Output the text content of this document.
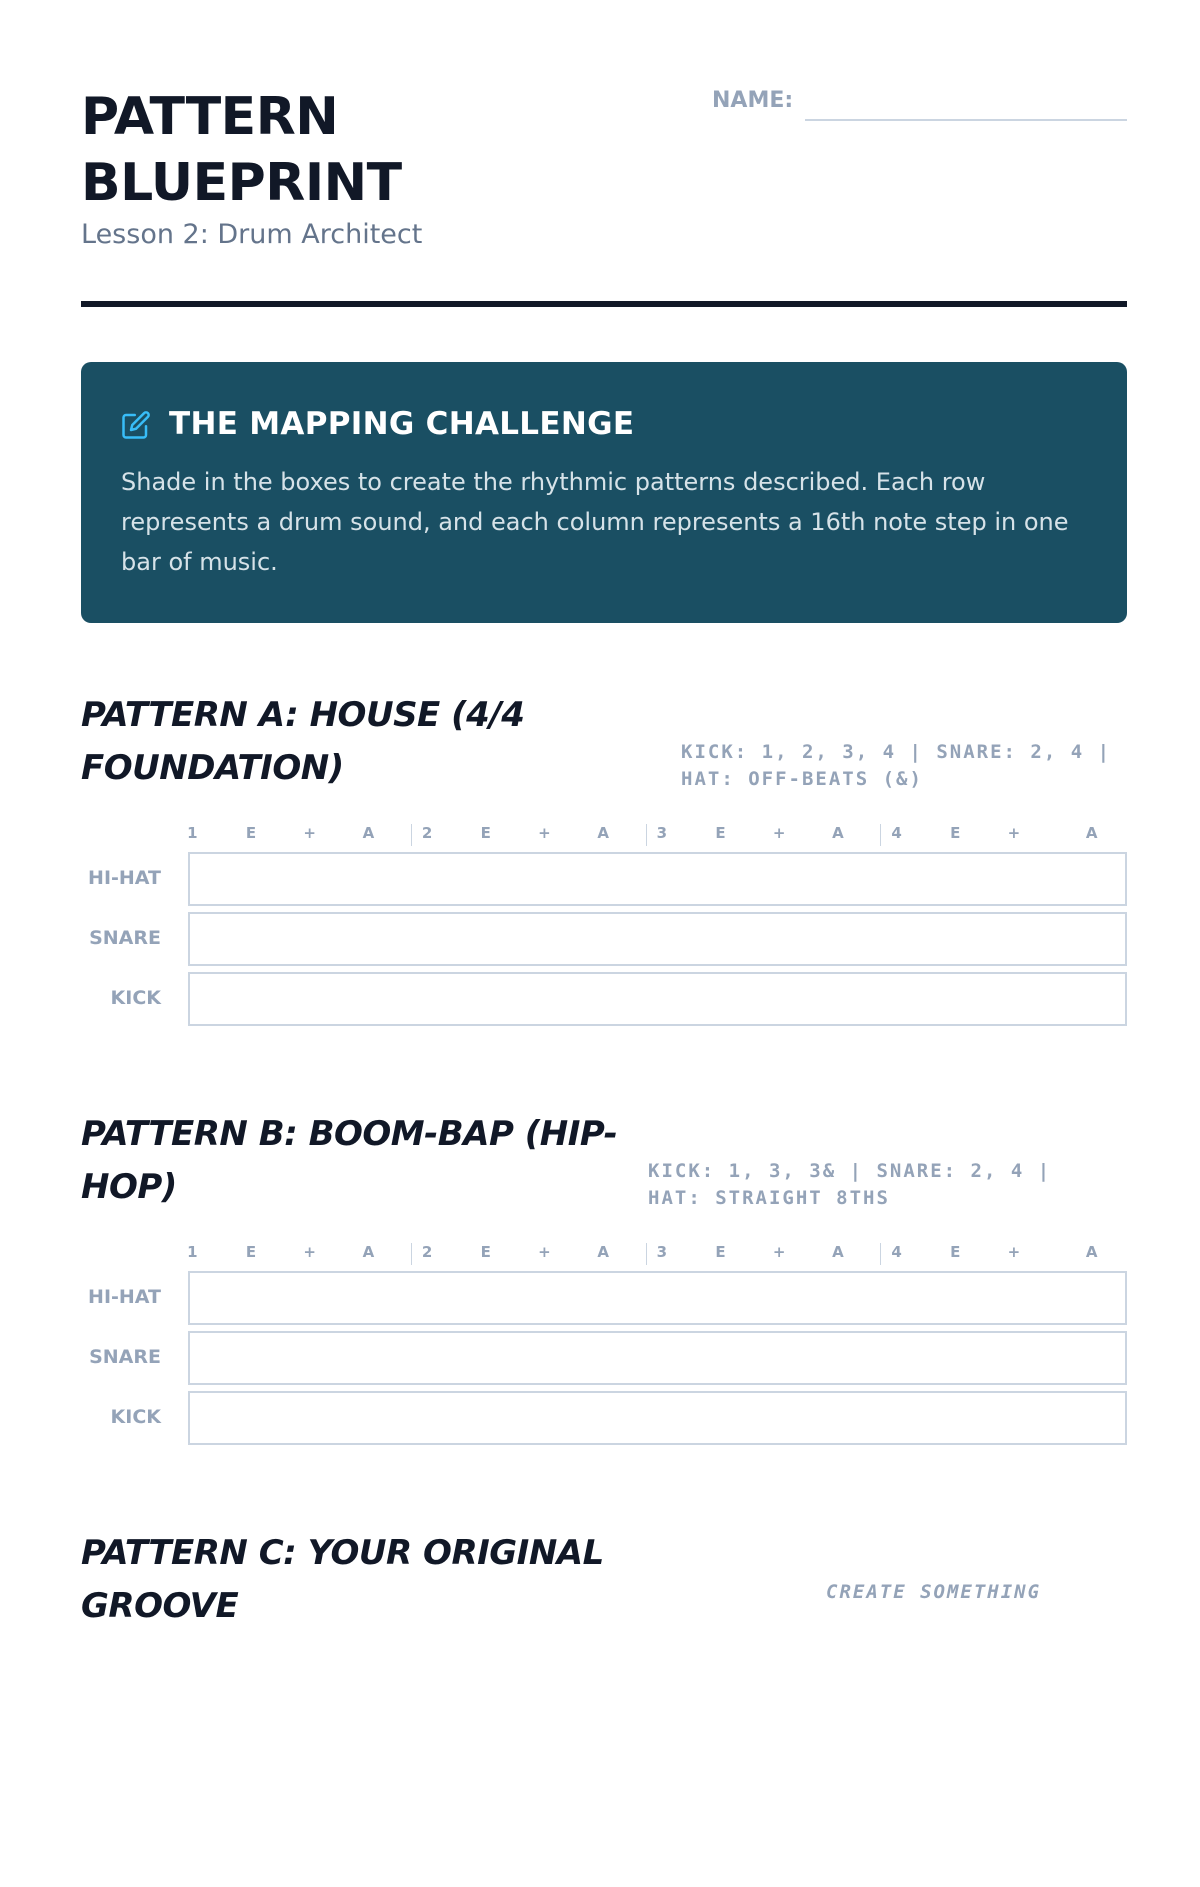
PATTERN BLUEPRINT
Lesson 2: Drum Architect
NAME:
THE MAPPING CHALLENGE
Shade in the boxes to create the rhythmic patterns described. Each row represents a drum sound, and each column represents a 16th note step in one bar of music.
PATTERN A: HOUSE (4/4 FOUNDATION)	KICK: 1, 2, 3, 4 | SNARE: 2, 4 | HAT: OFF-BEATS (&)
1	E	+	A	2	E	+	A	3	E	+	A	4	E	+	A
HI-HAT
SNARE
KICK
PATTERN B: BOOM-BAP (HIP-HOP)	KICK: 1, 3, 3& | SNARE: 2, 4 | HAT: STRAIGHT 8THS
1	E	+	A	2	E	+	A	3	E	+	A	4	E	+	A
HI-HAT
SNARE
KICK
PATTERN C: YOUR ORIGINAL GROOVE	CREATE SOMETHING
